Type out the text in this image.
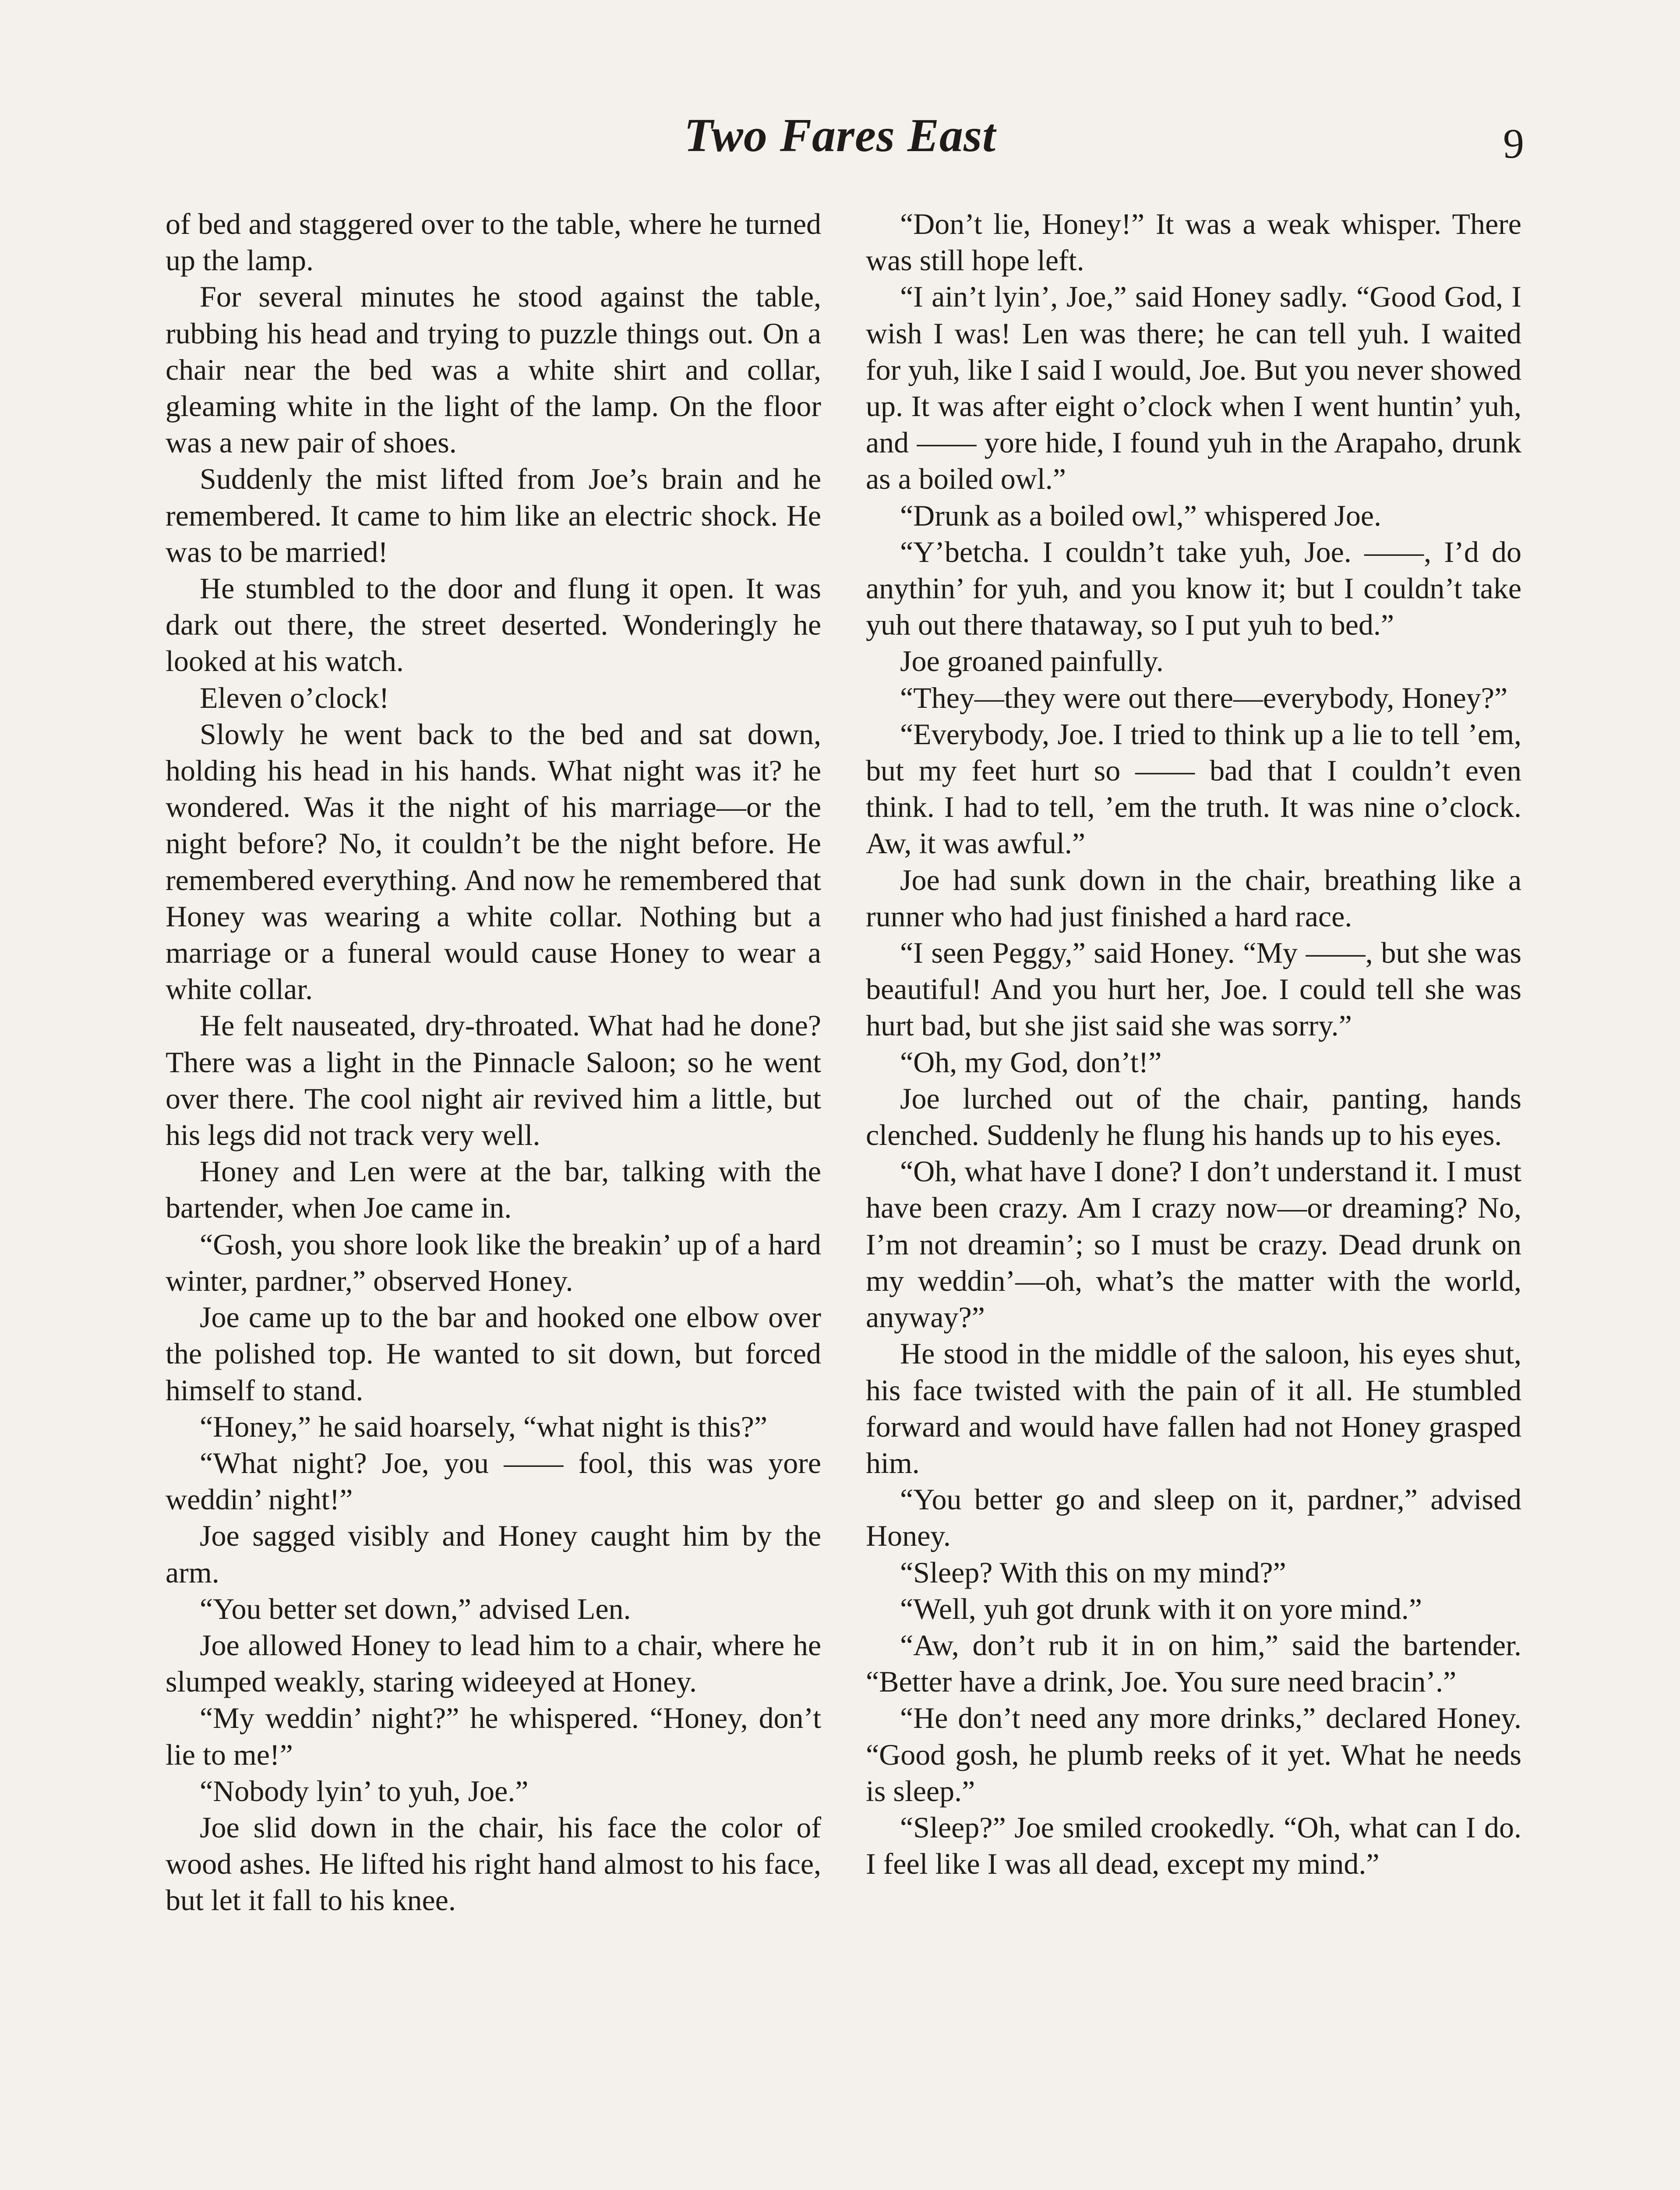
Two Fares East	9

of bed and staggered over to the table, where he turned up the lamp.

For several minutes he stood against the table, rubbing his head and trying to puzzle things out. On a chair near the bed was a white shirt and collar, gleaming white in the light of the lamp. On the floor was a new pair of shoes.

Suddenly the mist lifted from Joe’s brain and he remembered. It came to him like an electric shock. He was to be married!

He stumbled to the door and flung it open. It was dark out there, the street deserted. Wonderingly he looked at his watch.

Eleven o’clock!

Slowly he went back to the bed and sat down, holding his head in his hands. What night was it? he wondered. Was it the night of his marriage—or the night before? No, it couldn’t be the night before. He remembered everything. And now he remembered that Honey was wearing a white collar. Nothing but a marriage or a funeral would cause Honey to wear a white collar.

He felt nauseated, dry-throated. What had he done? There was a light in the Pinnacle Saloon; so he went over there. The cool night air revived him a little, but his legs did not track very well.

Honey and Len were at the bar, talking with the bartender, when Joe came in.

“Gosh, you shore look like the breakin’ up of a hard winter, pardner,” observed Honey.

Joe came up to the bar and hooked one elbow over the polished top. He wanted to sit down, but forced himself to stand.

“Honey,” he said hoarsely, “what night is this?”

“What night? Joe, you —— fool, this was yore weddin’ night!”

Joe sagged visibly and Honey caught him by the arm.

“You better set down,” advised Len.

Joe allowed Honey to lead him to a chair, where he slumped weakly, staring wideeyed at Honey.

“My weddin’ night?” he whispered. “Honey, don’t lie to me!”

“Nobody lyin’ to yuh, Joe.”

Joe slid down in the chair, his face the color of wood ashes. He lifted his right hand almost to his face, but let it fall to his knee.

“Don’t lie, Honey!” It was a weak whisper. There was still hope left.

“I ain’t lyin’, Joe,” said Honey sadly. “Good God, I wish I was! Len was there; he can tell yuh. I waited for yuh, like I said I would, Joe. But you never showed up. It was after eight o’clock when I went huntin’ yuh, and —— yore hide, I found yuh in the Arapaho, drunk as a boiled owl.”

“Drunk as a boiled owl,” whispered Joe.

“Y’betcha. I couldn’t take yuh, Joe. ——, I’d do anythin’ for yuh, and you know it; but I couldn’t take yuh out there thataway, so I put yuh to bed.”

Joe groaned painfully.

“They—they were out there—everybody, Honey?”

“Everybody, Joe. I tried to think up a lie to tell ’em, but my feet hurt so —— bad that I couldn’t even think. I had to tell, ’em the truth. It was nine o’clock. Aw, it was awful.”

Joe had sunk down in the chair, breathing like a runner who had just finished a hard race.

“I seen Peggy,” said Honey. “My ——, but she was beautiful! And you hurt her, Joe. I could tell she was hurt bad, but she jist said she was sorry.”

“Oh, my God, don’t!”

Joe lurched out of the chair, panting, hands clenched. Suddenly he flung his hands up to his eyes.

“Oh, what have I done? I don’t understand it. I must have been crazy. Am I crazy now—or dreaming? No, I’m not dreamin’; so I must be crazy. Dead drunk on my weddin’—oh, what’s the matter with the world, anyway?”

He stood in the middle of the saloon, his eyes shut, his face twisted with the pain of it all. He stumbled forward and would have fallen had not Honey grasped him.

“You better go and sleep on it, pardner,” advised Honey.

“Sleep? With this on my mind?”

“Well, yuh got drunk with it on yore mind.”

“Aw, don’t rub it in on him,” said the bartender. “Better have a drink, Joe. You sure need bracin’.”

“He don’t need any more drinks,” declared Honey. “Good gosh, he plumb reeks of it yet. What he needs is sleep.”

“Sleep?” Joe smiled crookedly. “Oh, what can I do. I feel like I was all dead, except my mind.”
